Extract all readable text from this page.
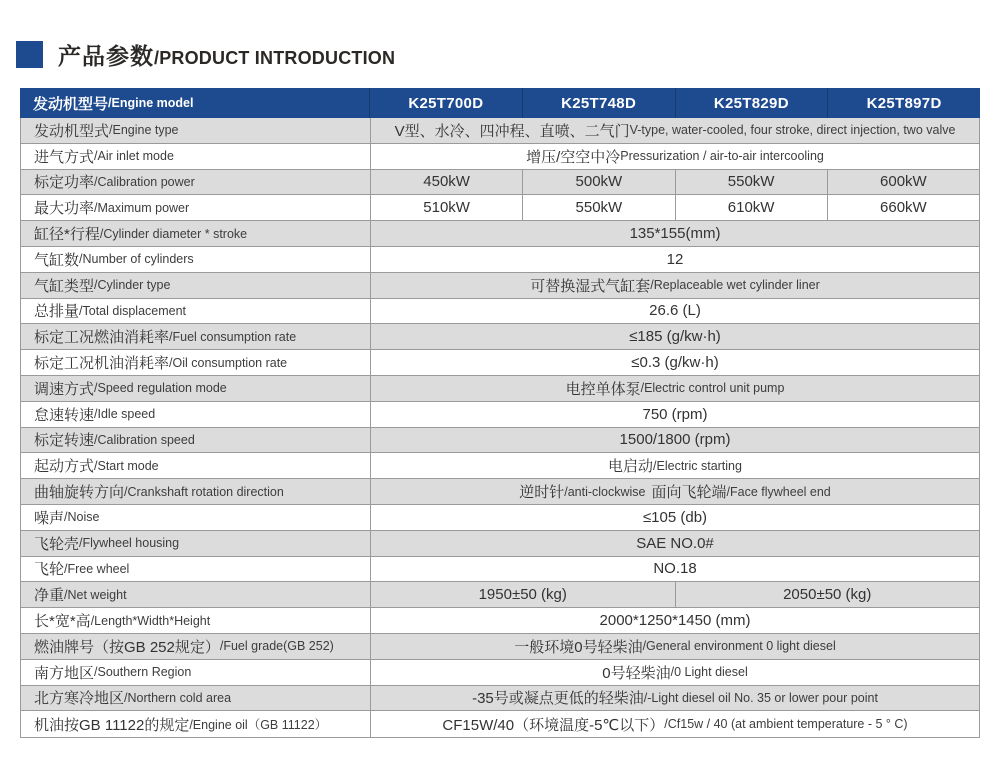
产品参数 /PRODUCT INTRODUCTION
发动机型号 /Engine model	K25T700D	K25T748D	K25T829D	K25T897D
发动机型式 /Engine type	V型、水冷、四冲程、直喷、二气门 V-type, water-cooled, four stroke, direct injection, two valve
进气方式 /Air inlet mode	增压/空空中冷 Pressurization / air-to-air intercooling
标定功率 /Calibration power	450kW	500kW	550kW	600kW
最大功率 /Maximum power	510kW	550kW	610kW	660kW
缸径*行程 /Cylinder diameter * stroke	135*155(mm)
气缸数 /Number of cylinders	12
气缸类型 /Cylinder type	可替换湿式气缸套 /Replaceable wet cylinder liner
总排量 /Total displacement	26.6 (L)
标定工况燃油消耗率 /Fuel consumption rate	≤185 (g/kw·h)
标定工况机油消耗率 /Oil consumption rate	≤0.3 (g/kw·h)
调速方式 /Speed regulation mode	电控单体泵 /Electric control unit pump
怠速转速 /Idle speed	750 (rpm)
标定转速 /Calibration speed	1500/1800 (rpm)
起动方式 /Start mode	电启动 /Electric starting
曲轴旋转方向 /Crankshaft rotation direction	逆时针 /anti-clockwise 面向飞轮端 /Face flywheel end
噪声 /Noise	≤105 (db)
飞轮壳 /Flywheel housing	SAE NO.0#
飞轮 /Free wheel	NO.18
净重 /Net weight	1950±50 (kg)	2050±50 (kg)
长*宽*高 /Length*Width*Height	2000*1250*1450 (mm)
燃油牌号（按GB 252规定） /Fuel grade(GB 252)	一般环境0号轻柴油 /General environment 0 light diesel
南方地区 /Southern Region	0号轻柴油 /0 Light diesel
北方寒冷地区 /Northern cold area	-35号或凝点更低的轻柴油 /-Light diesel oil No. 35 or lower pour point
机油按GB 11122的规定 /Engine oil（GB 11122）	CF15W/40（环境温度-5℃以下） /Cf15w / 40 (at ambient temperature - 5 ° C)
